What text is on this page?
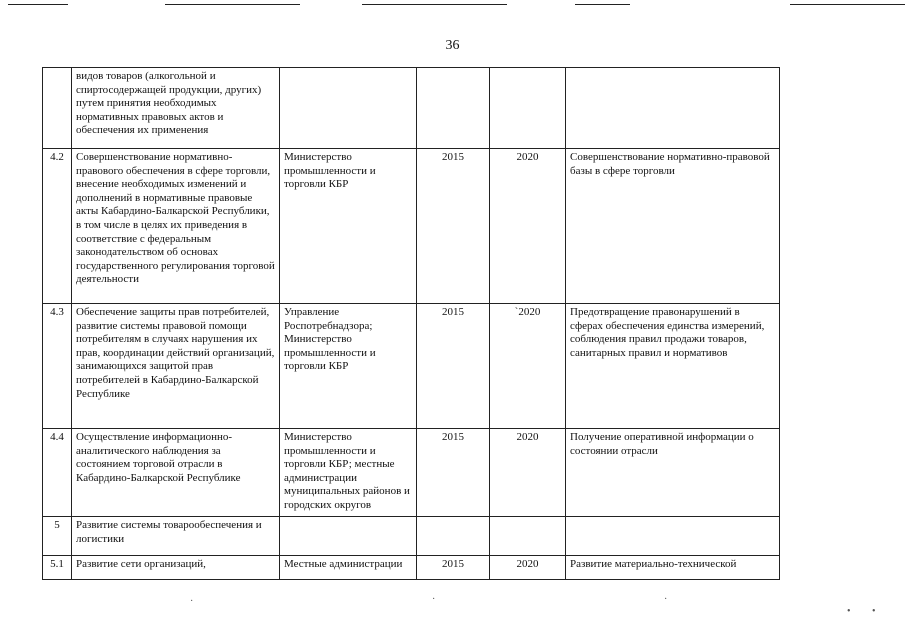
36
	видов товаров (алкогольной и спиртосодержащей продукции, других) путем принятия необходимых нормативных правовых актов и обеспечения их применения				
4.2	Совершенствование нормативно-правового обеспечения в сфере торговли, внесение необходимых изменений и дополнений в нормативные правовые акты Кабардино-Балкарской Республики, в том числе в целях их приведения в соответствие с федеральным законодательством об основах государственного регулирования торговой деятельности	Министерство промышленности и торговли КБР	2015	2020	Совершенствование нормативно-правовой базы в сфере торговли
4.3	Обеспечение защиты прав потребителей, развитие системы правовой помощи потребителям в случаях нарушения их прав, координации действий организаций, занимающихся защитой прав потребителей в Кабардино-Балкарской Республике	Управление Роспотребнадзора; Министерство промышленности и торговли КБР	2015	`2020	Предотвращение правонарушений в сферах обеспечения единства измерений, соблюдения правил продажи товаров, санитарных правил и нормативов
4.4	Осуществление информационно-аналитического наблюдения за состоянием торговой отрасли в Кабардино-Балкарской Республике	Министерство промышленности и торговли КБР; местные администрации муниципальных районов и городских округов	2015	2020	Получение оперативной информации о состоянии отрасли
5	Развитие системы товарообеспечения и логистики				
5.1	Развитие сети организаций,	Местные администрации	2015	2020	Развитие материально-технической
·	·	·
• •
